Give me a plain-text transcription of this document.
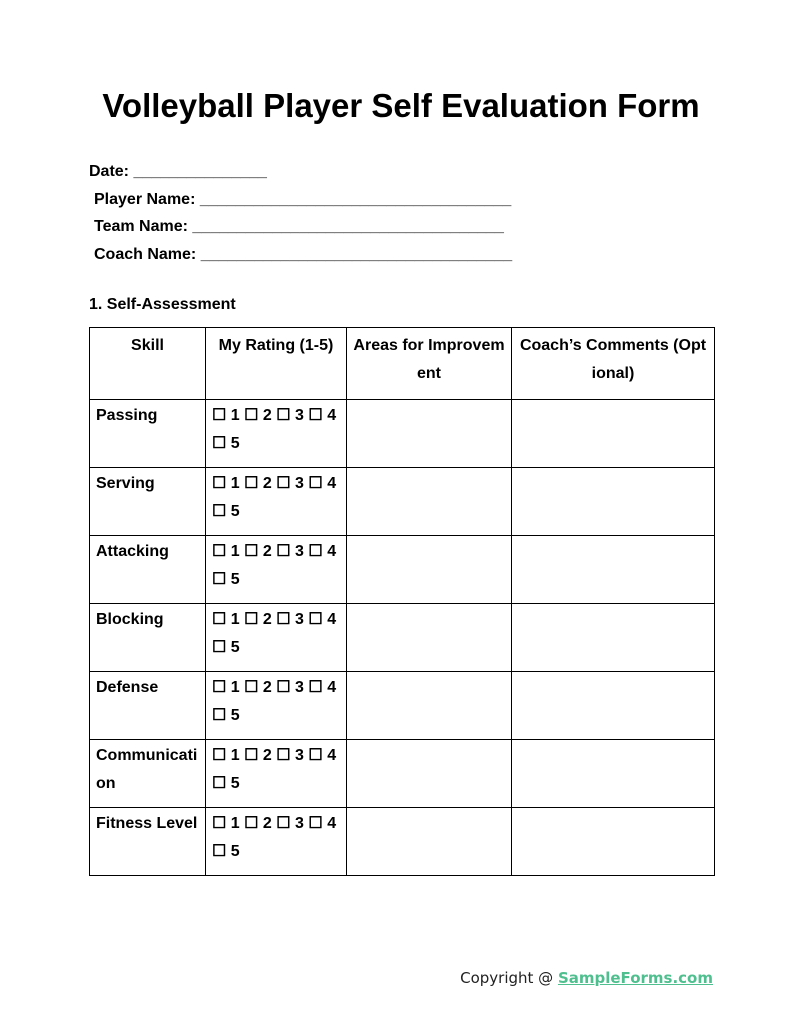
Volleyball Player Self Evaluation Form
Date: _______________
Player Name: ___________________________________
Team Name: ___________________________________
Coach Name: ___________________________________
1. Self-Assessment
Skill	My Rating (1-5)	Areas for Improvement	Coach’s Comments (Optional)
Passing	☐ 1 ☐ 2 ☐ 3 ☐ 4 ☐ 5		
Serving	☐ 1 ☐ 2 ☐ 3 ☐ 4 ☐ 5		
Attacking	☐ 1 ☐ 2 ☐ 3 ☐ 4 ☐ 5		
Blocking	☐ 1 ☐ 2 ☐ 3 ☐ 4 ☐ 5		
Defense	☐ 1 ☐ 2 ☐ 3 ☐ 4 ☐ 5		
Communication	☐ 1 ☐ 2 ☐ 3 ☐ 4 ☐ 5		
Fitness Level	☐ 1 ☐ 2 ☐ 3 ☐ 4 ☐ 5		
Copyright @ SampleForms.com
